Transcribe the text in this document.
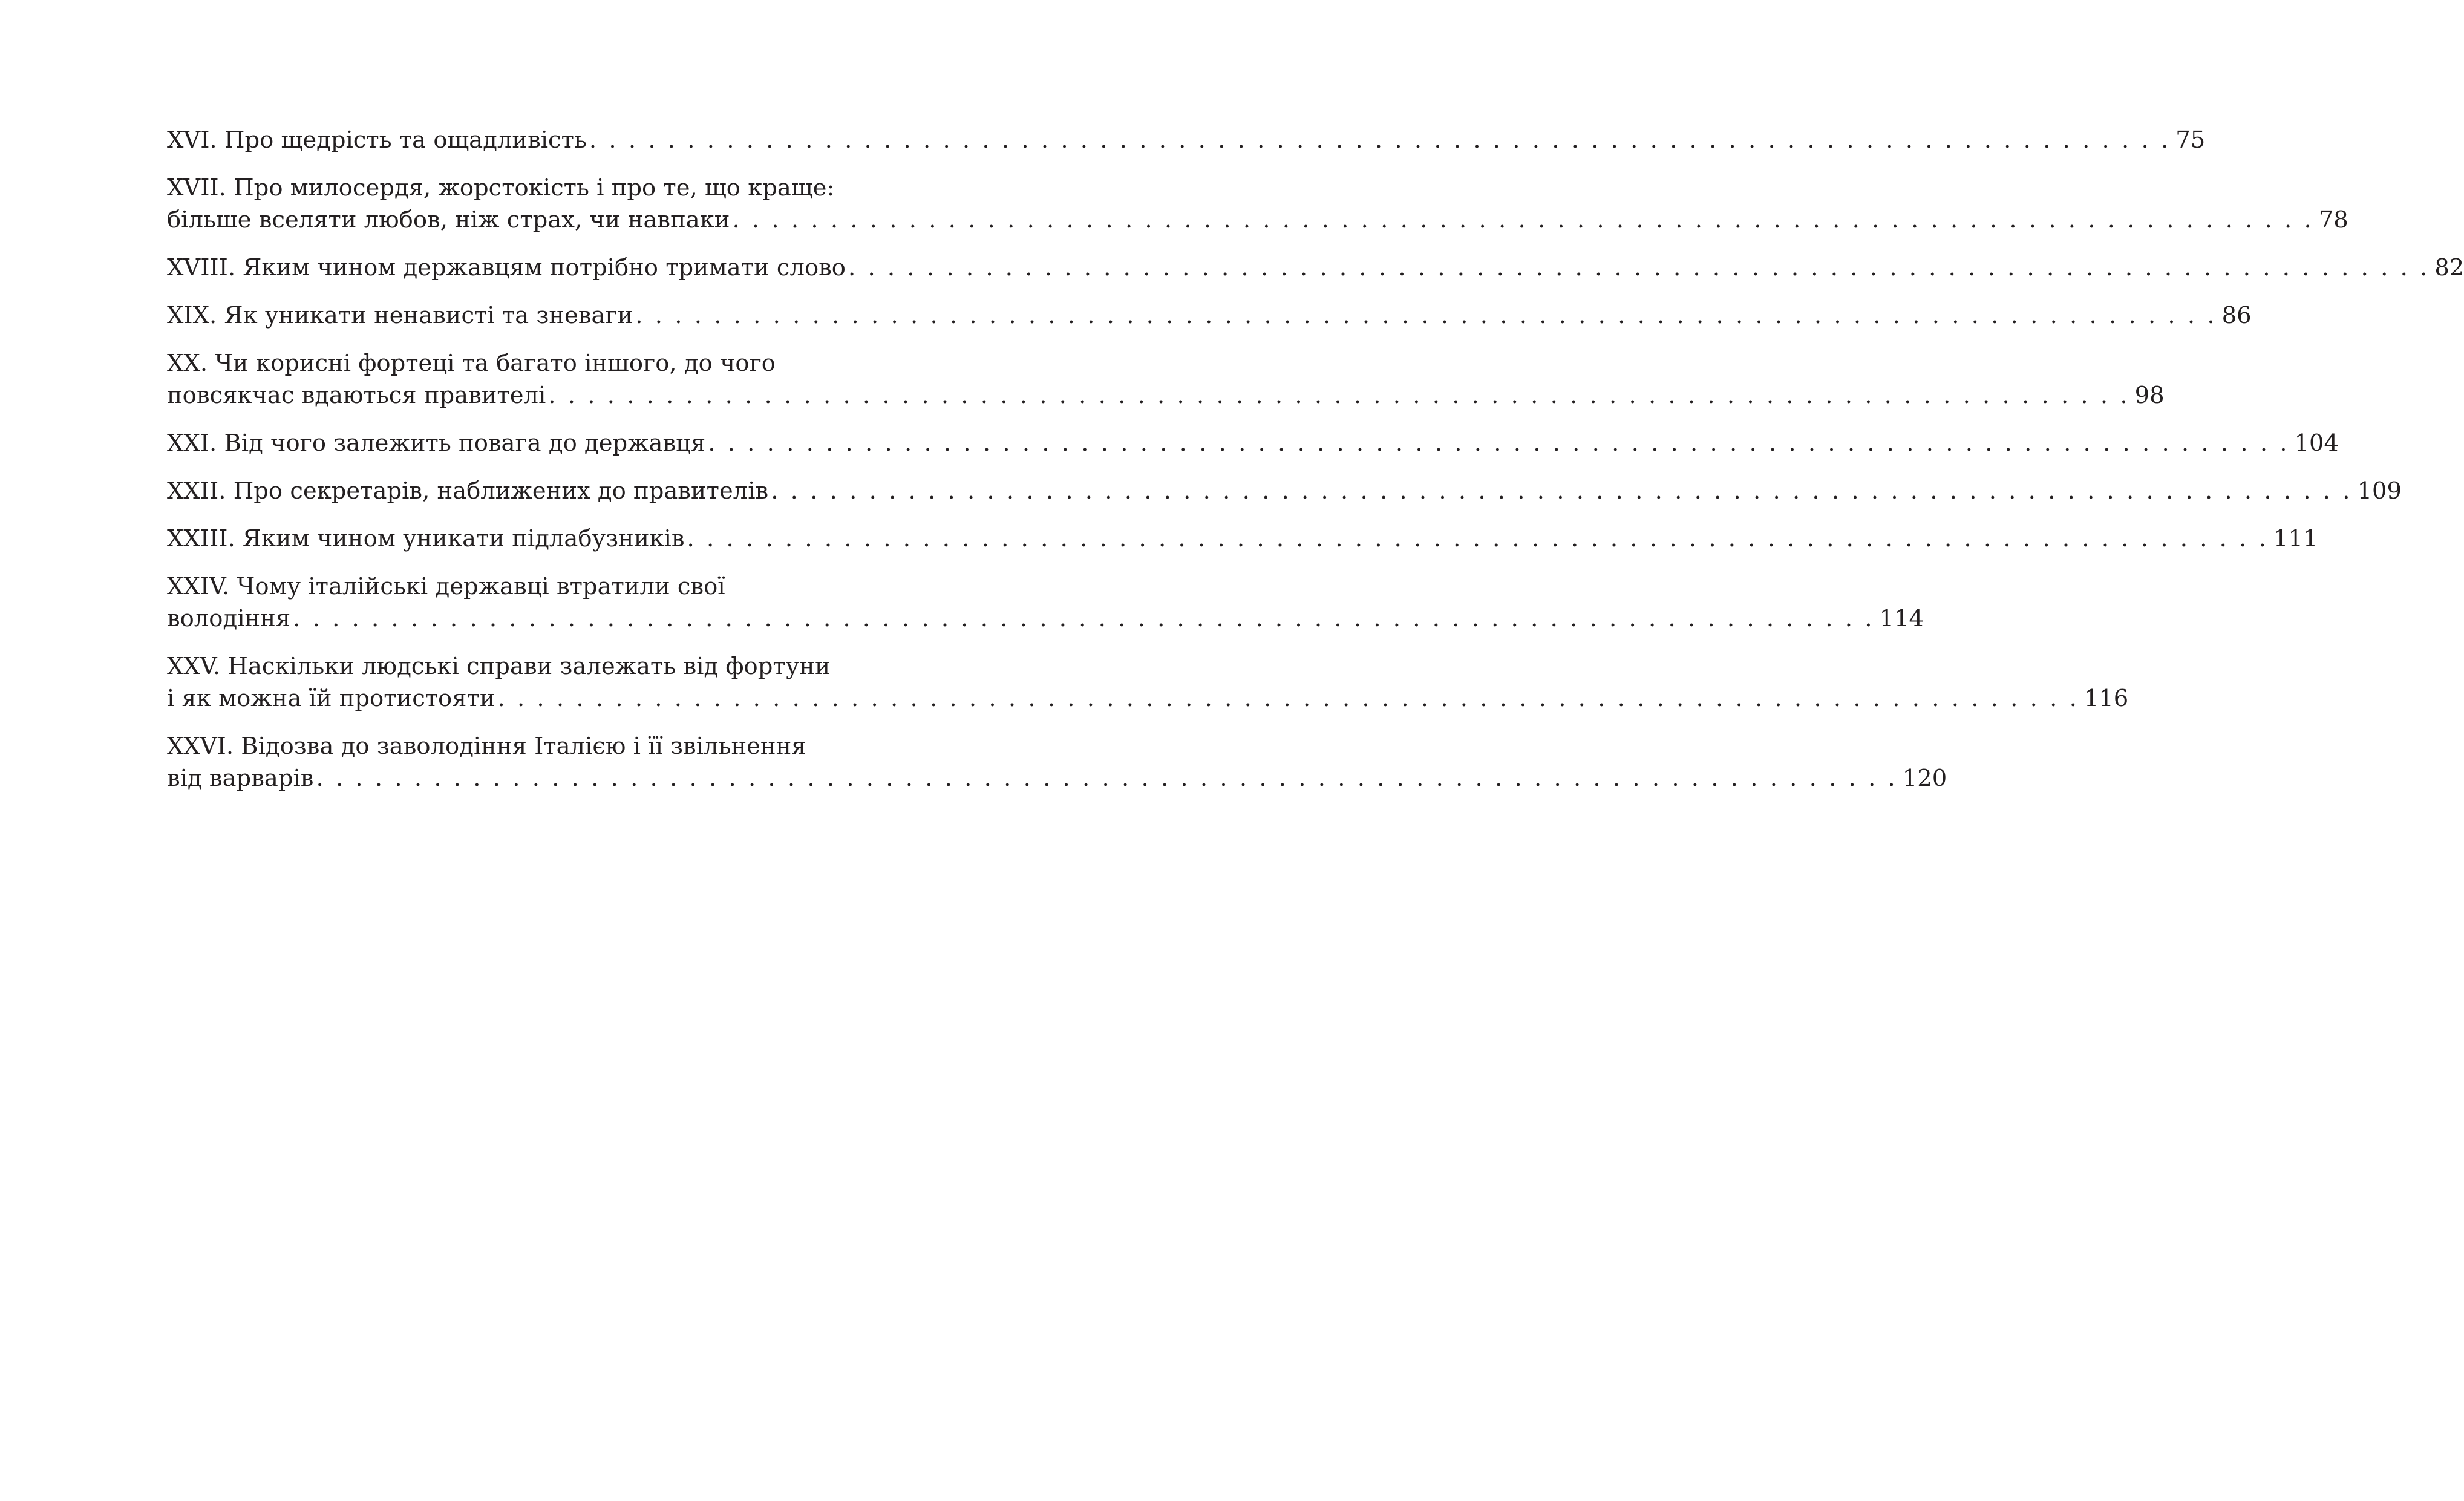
XVI. Про щедрість та ощадливість . . .	75
XVII. Про милосердя, жорстокість і про те, що краще:
більше вселяти любов, ніж страх, чи навпаки . . .	78
XVIII. Яким чином державцям потрібно тримати слово . . .	82
XIX. Як уникати ненависті та зневаги . . .	86
XX. Чи корисні фортеці та багато іншого, до чого
повсякчас вдаються правителі . . .	98
XXI. Від чого залежить повага до державця . . .	104
XXII. Про секретарів, наближених до правителів . . .	109
XXIII. Яким чином уникати підлабузників . . .	111
XXIV. Чому італійські державці втратили свої
володіння . . .	114
XXV. Наскільки людські справи залежать від фортуни
і як можна їй протистояти . . .	116
XXVI. Відозва до заволодіння Італією і її звільнення
від варварів . . .	120
